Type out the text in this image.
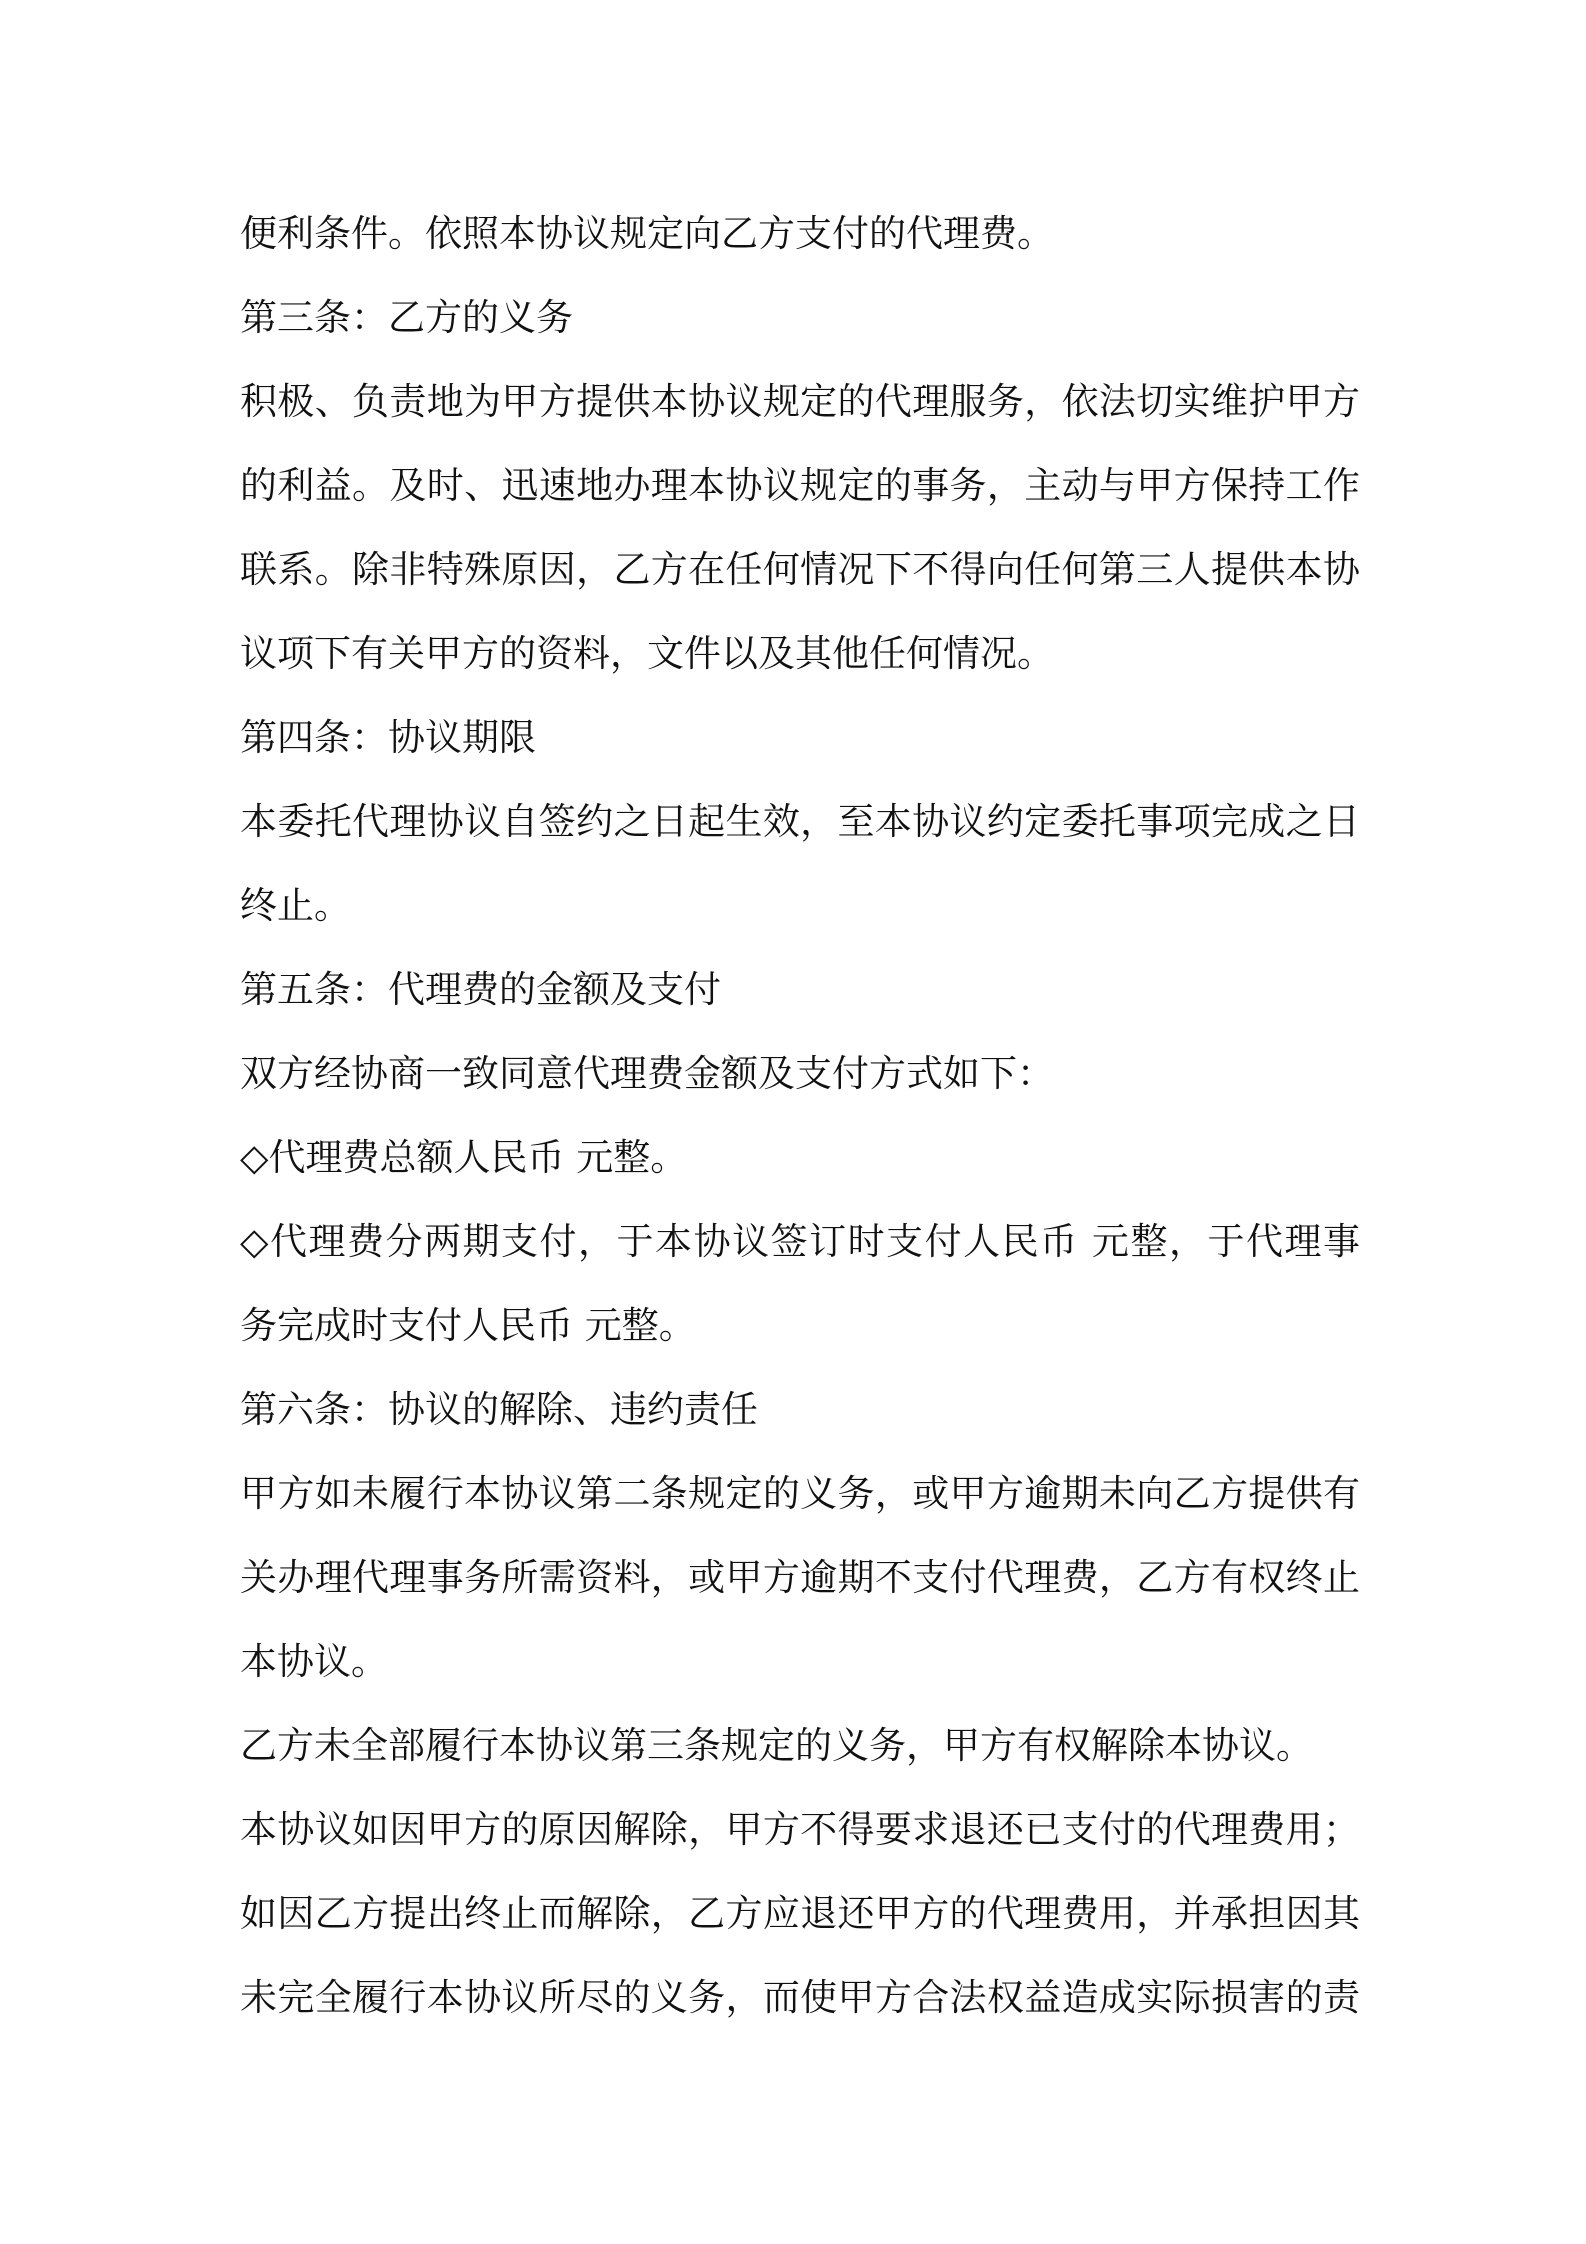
便利条件。依照本协议规定向乙方支付的代理费。
第三条：乙方的义务
积极、负责地为甲方提供本协议规定的代理服务，依法切实维护甲方
的利益。及时、迅速地办理本协议规定的事务，主动与甲方保持工作
联系。除非特殊原因，乙方在任何情况下不得向任何第三人提供本协
议项下有关甲方的资料，文件以及其他任何情况。
第四条：协议期限
本委托代理协议自签约之日起生效，至本协议约定委托事项完成之日
终止。
第五条：代理费的金额及支付
双方经协商一致同意代理费金额及支付方式如下：
◇代理费总额人民币 元整。
◇代理费分两期支付，于本协议签订时支付人民币 元整，于代理事
务完成时支付人民币 元整。
第六条：协议的解除、违约责任
甲方如未履行本协议第二条规定的义务，或甲方逾期未向乙方提供有
关办理代理事务所需资料，或甲方逾期不支付代理费，乙方有权终止
本协议。
乙方未全部履行本协议第三条规定的义务，甲方有权解除本协议。
本协议如因甲方的原因解除，甲方不得要求退还已支付的代理费用；
如因乙方提出终止而解除，乙方应退还甲方的代理费用，并承担因其
未完全履行本协议所尽的义务，而使甲方合法权益造成实际损害的责
